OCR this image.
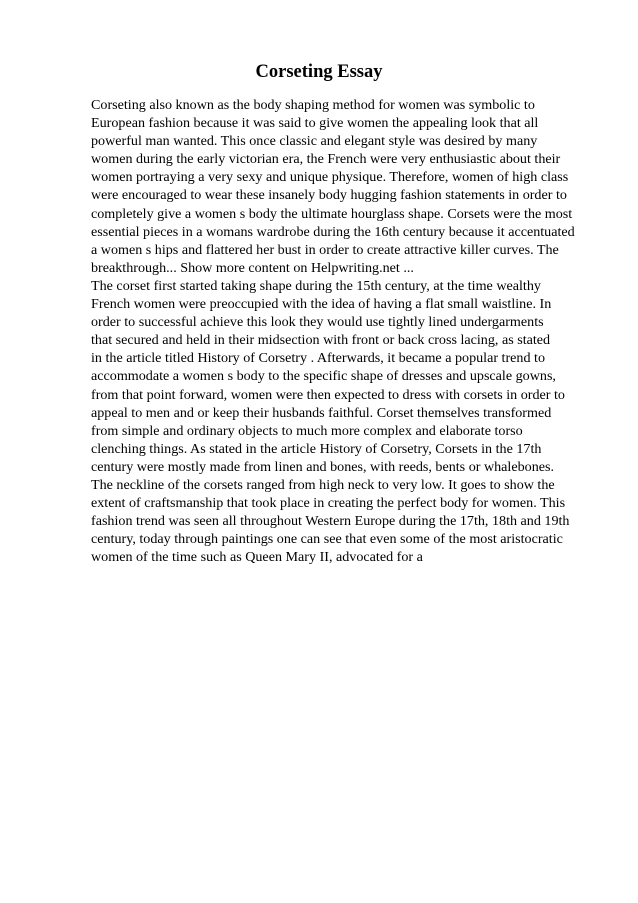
Corseting Essay
Corseting also known as the body shaping method for women was symbolic to
European fashion because it was said to give women the appealing look that all
powerful man wanted. This once classic and elegant style was desired by many
women during the early victorian era, the French were very enthusiastic about their
women portraying a very sexy and unique physique. Therefore, women of high class
were encouraged to wear these insanely body hugging fashion statements in order to
completely give a women s body the ultimate hourglass shape. Corsets were the most
essential pieces in a womans wardrobe during the 16th century because it accentuated
a women s hips and flattered her bust in order to create attractive killer curves. The
breakthrough... Show more content on Helpwriting.net ...
The corset first started taking shape during the 15th century, at the time wealthy
French women were preoccupied with the idea of having a flat small waistline. In
order to successful achieve this look they would use tightly lined undergarments
that secured and held in their midsection with front or back cross lacing, as stated
in the article titled History of Corsetry . Afterwards, it became a popular trend to
accommodate a women s body to the specific shape of dresses and upscale gowns,
from that point forward, women were then expected to dress with corsets in order to
appeal to men and or keep their husbands faithful. Corset themselves transformed
from simple and ordinary objects to much more complex and elaborate torso
clenching things. As stated in the article History of Corsetry, Corsets in the 17th
century were mostly made from linen and bones, with reeds, bents or whalebones.
The neckline of the corsets ranged from high neck to very low. It goes to show the
extent of craftsmanship that took place in creating the perfect body for women. This
fashion trend was seen all throughout Western Europe during the 17th, 18th and 19th
century, today through paintings one can see that even some of the most aristocratic
women of the time such as Queen Mary II, advocated for a
